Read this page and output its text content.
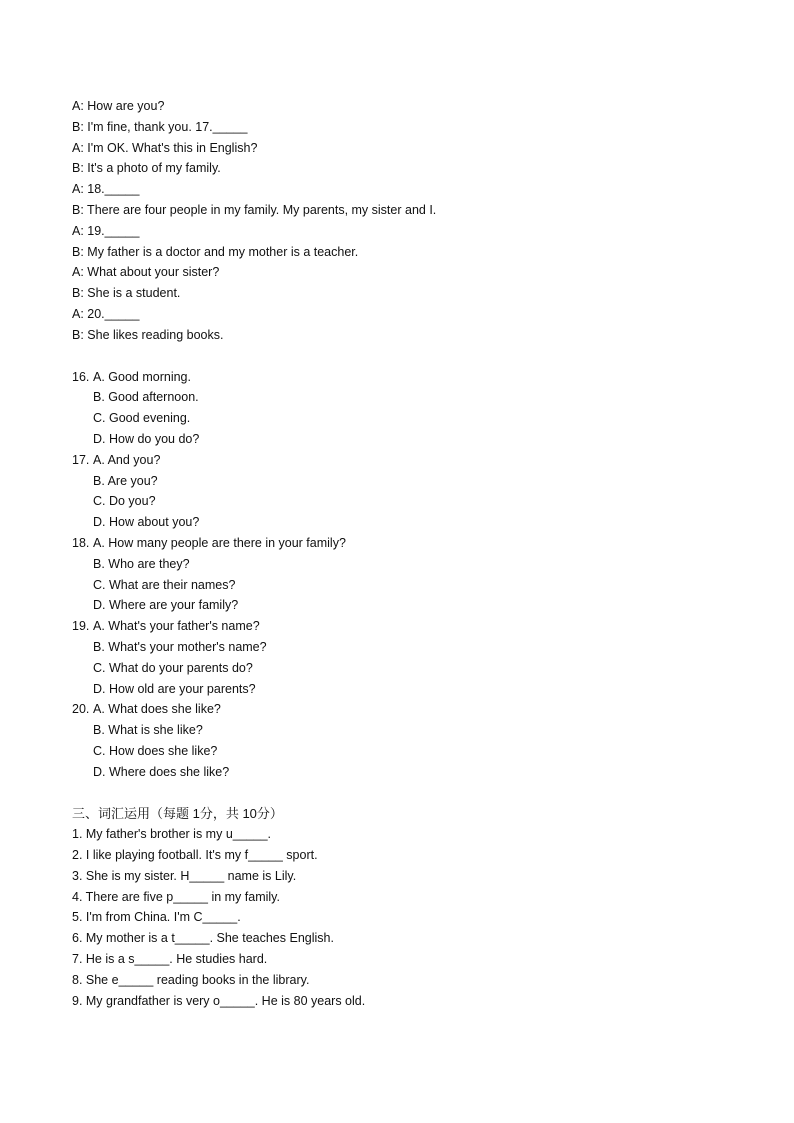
A: How are you?
B: I'm fine, thank you. 17._____
A: I'm OK. What's this in English?
B: It's a photo of my family.
A: 18._____
B: There are four people in my family. My parents, my sister and I.
A: 19._____
B: My father is a doctor and my mother is a teacher.
A: What about your sister?
B: She is a student.
A: 20._____
B: She likes reading books.
16. A. Good morning.
B. Good afternoon.
C. Good evening.
D. How do you do?
17. A. And you?
B. Are you?
C. Do you?
D. How about you?
18. A. How many people are there in your family?
B. Who are they?
C. What are their names?
D. Where are your family?
19. A. What's your father's name?
B. What's your mother's name?
C. What do your parents do?
D. How old are your parents?
20. A. What does she like?
B. What is she like?
C. How does she like?
D. Where does she like?
三、词汇运用（每题 1分，共 10分）
1. My father's brother is my u_____.
2. I like playing football. It's my f_____ sport.
3. She is my sister. H_____ name is Lily.
4. There are five p_____ in my family.
5. I'm from China. I'm C_____.
6. My mother is a t_____. She teaches English.
7. He is a s_____. He studies hard.
8. She e_____ reading books in the library.
9. My grandfather is very o_____. He is 80 years old.
